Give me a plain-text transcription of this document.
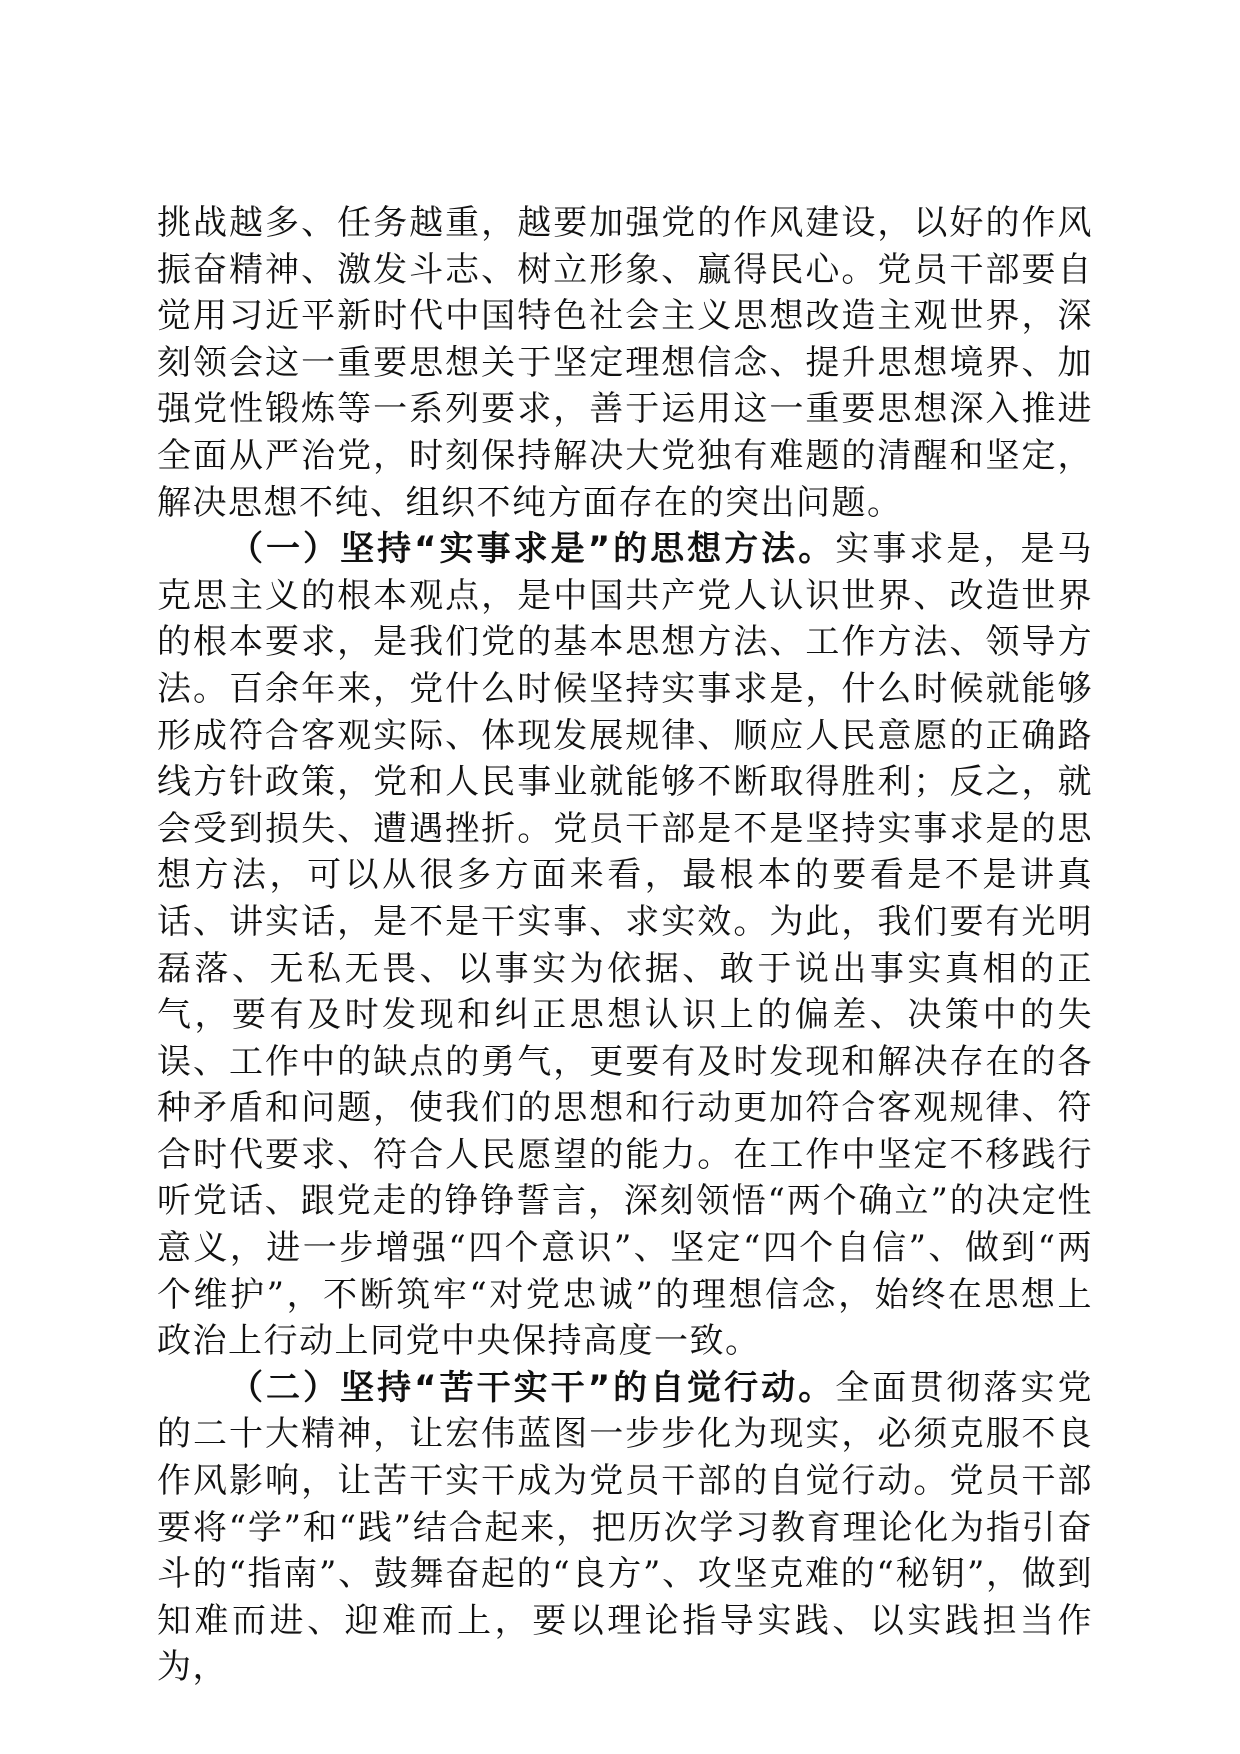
挑战越多、任务越重，越要加强党的作风建设，以好的作风振奋精神、激发斗志、树立形象、赢得民心。党员干部要自觉用习近平新时代中国特色社会主义思想改造主观世界，深刻领会这一重要思想关于坚定理想信念、提升思想境界、加强党性锻炼等一系列要求，善于运用这一重要思想深入推进全面从严治党，时刻保持解决大党独有难题的清醒和坚定，解决思想不纯、组织不纯方面存在的突出问题。

（一）坚持“实事求是”的思想方法。实事求是，是马克思主义的根本观点，是中国共产党人认识世界、改造世界的根本要求，是我们党的基本思想方法、工作方法、领导方法。百余年来，党什么时候坚持实事求是，什么时候就能够形成符合客观实际、体现发展规律、顺应人民意愿的正确路线方针政策，党和人民事业就能够不断取得胜利；反之，就会受到损失、遭遇挫折。党员干部是不是坚持实事求是的思想方法，可以从很多方面来看，最根本的要看是不是讲真话、讲实话，是不是干实事、求实效。为此，我们要有光明磊落、无私无畏、以事实为依据、敢于说出事实真相的正气，要有及时发现和纠正思想认识上的偏差、决策中的失误、工作中的缺点的勇气，更要有及时发现和解决存在的各种矛盾和问题，使我们的思想和行动更加符合客观规律、符合时代要求、符合人民愿望的能力。在工作中坚定不移践行听党话、跟党走的铮铮誓言，深刻领悟“两个确立”的决定性意义，进一步增强“四个意识”、坚定“四个自信”、做到“两个维护”，不断筑牢“对党忠诚”的理想信念，始终在思想上政治上行动上同党中央保持高度一致。

（二）坚持“苦干实干”的自觉行动。全面贯彻落实党的二十大精神，让宏伟蓝图一步步化为现实，必须克服不良作风影响，让苦干实干成为党员干部的自觉行动。党员干部要将“学”和“践”结合起来，把历次学习教育理论化为指引奋斗的“指南”、鼓舞奋起的“良方”、攻坚克难的“秘钥”，做到知难而进、迎难而上，要以理论指导实践、以实践担当作为，
